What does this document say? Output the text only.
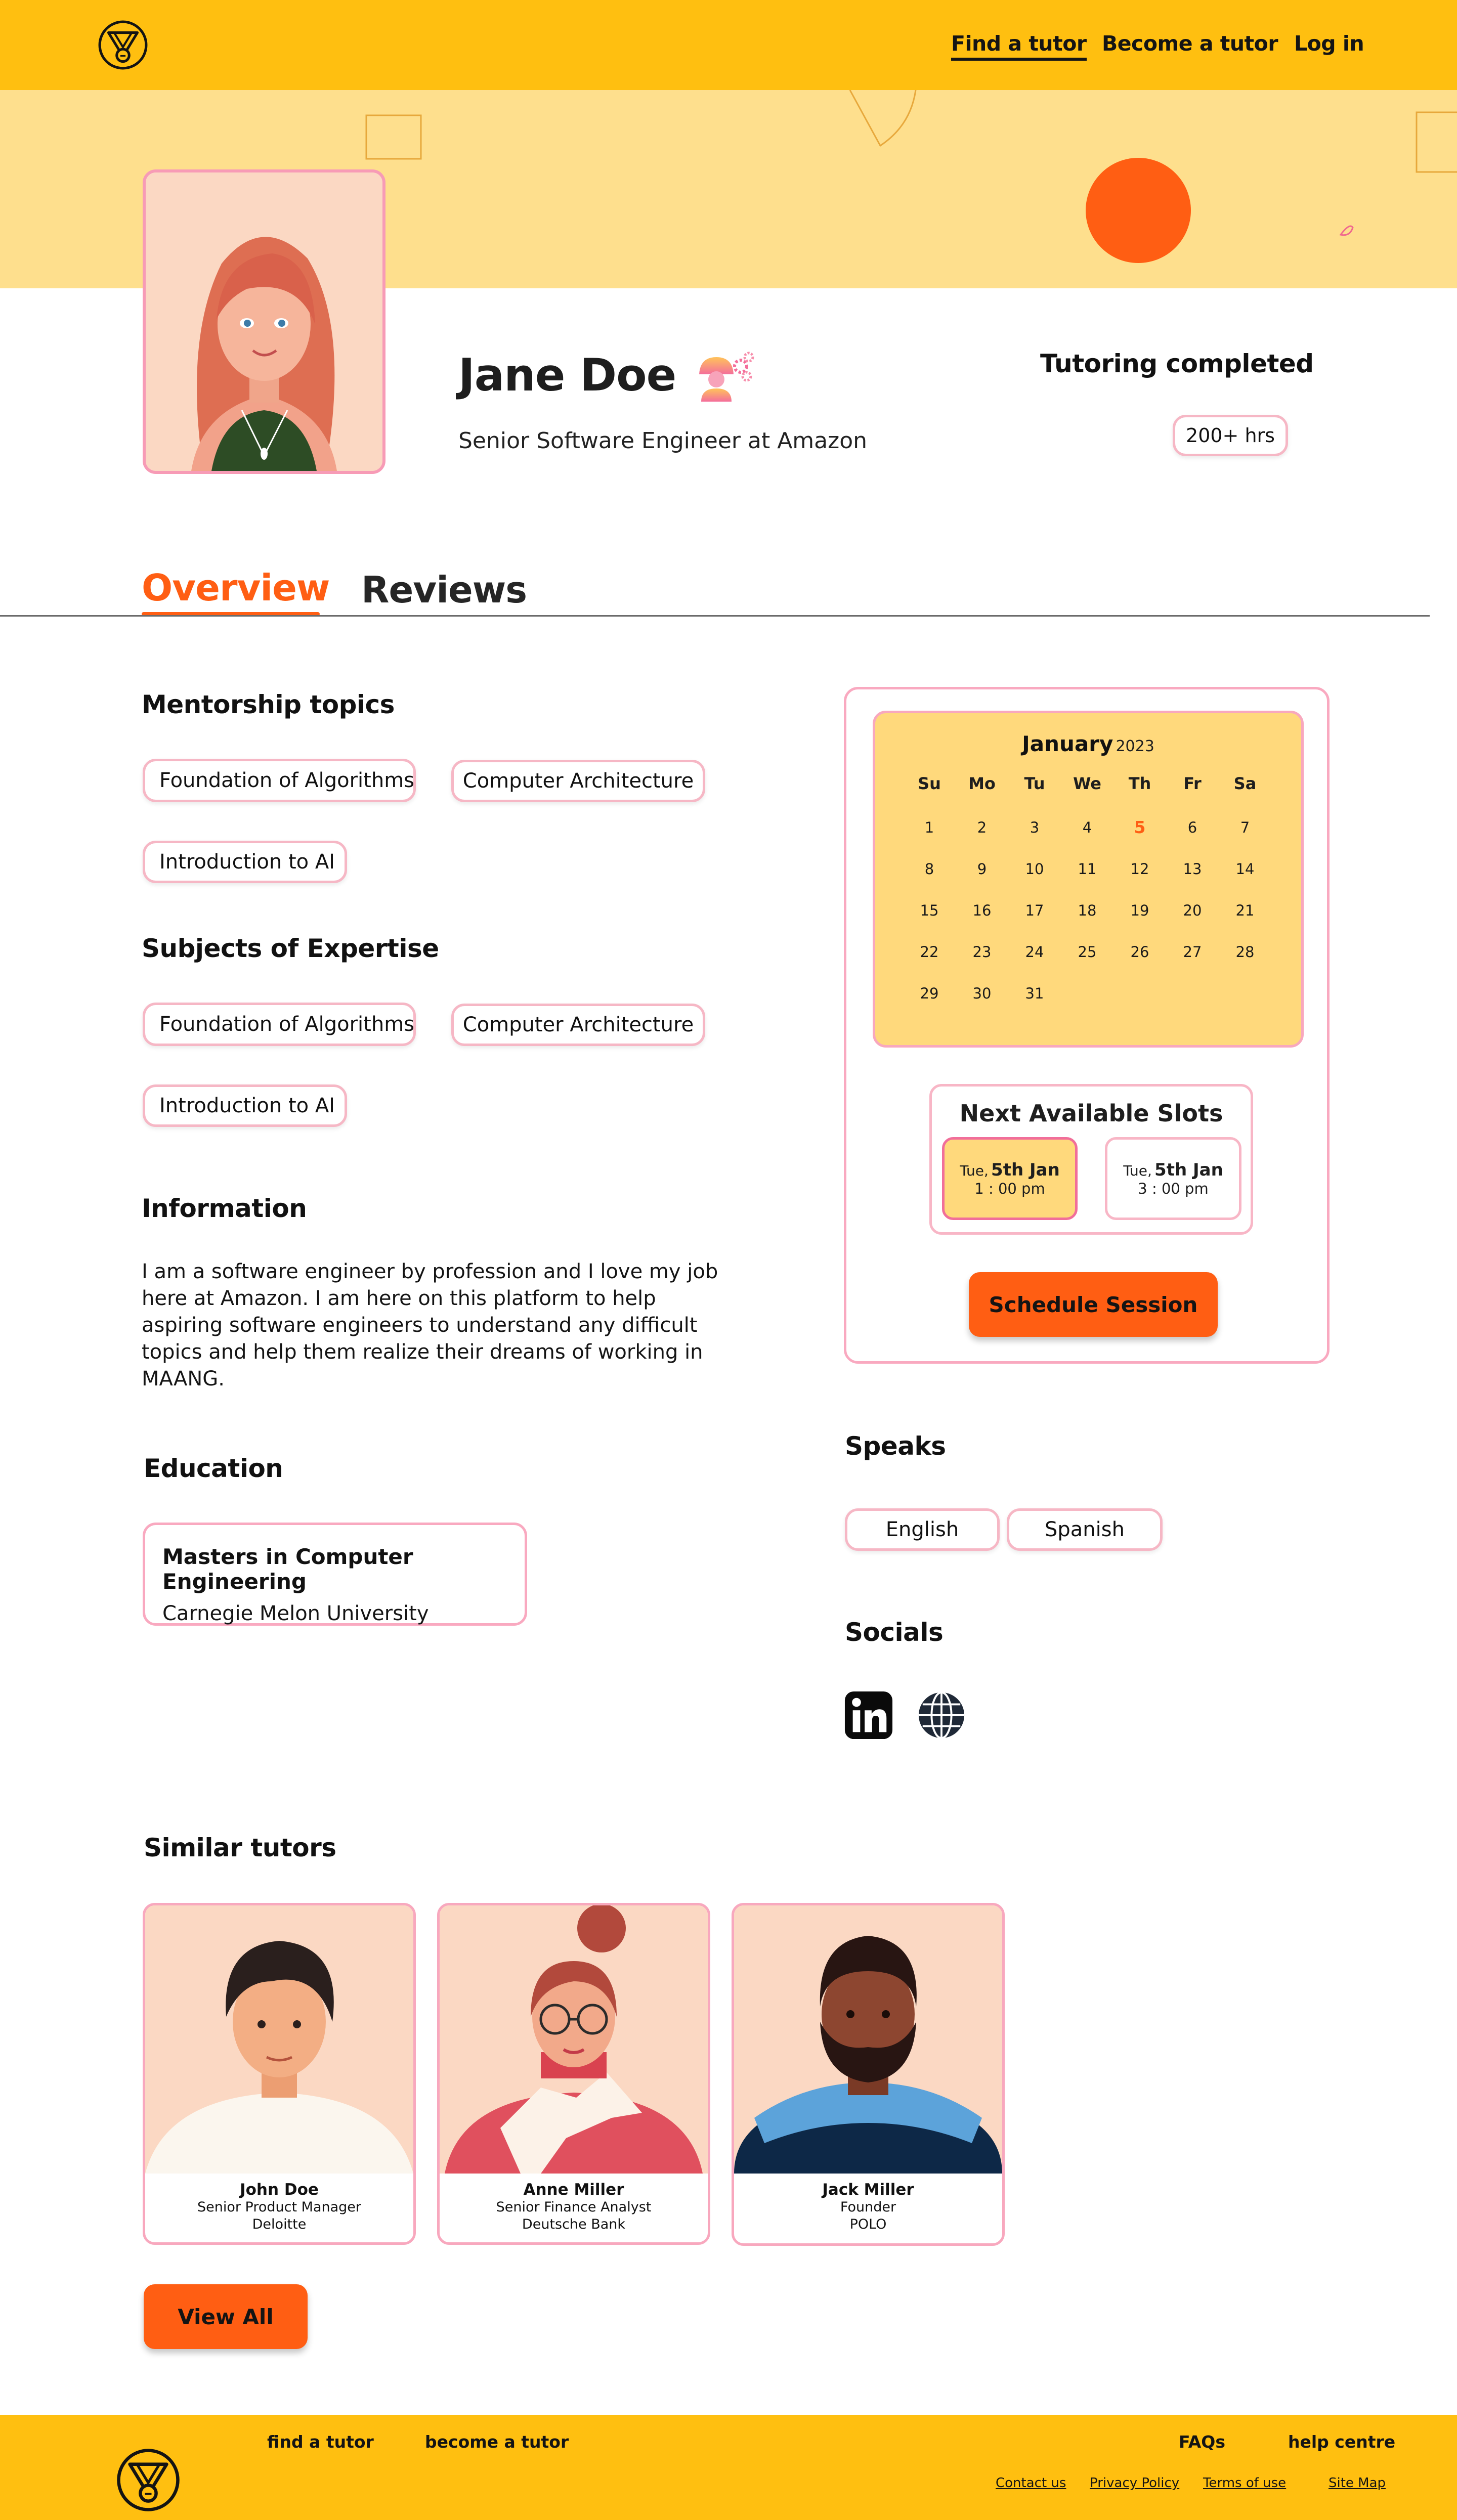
Find a tutor Become a tutor Log in
Jane Doe
Senior Software Engineer at Amazon
Tutoring completed
200+ hrs
Overview Reviews
Mentorship topics
Foundation of Algorithms	Computer Architecture
Introduction to AI
Subjects of Expertise
Foundation of Algorithms	Computer Architecture
Introduction to AI
Information
I am a software engineer by profession and I love my job here at Amazon. I am here on this platform to help aspiring software engineers to understand any difficult topics and help them realize their dreams of working in MAANG.
Education
Masters in Computer Engineering
Carnegie Melon University
January 2023
Su	Mo	Tu	We	Th	Fr	Sa
1	2	3	4	5	6	7
8	9	10	11	12	13	14
15	16	17	18	19	20	21
22	23	24	25	26	27	28
29	30	31
Next Available Slots
Tue, 5th Jan
1 : 00 pm
Tue, 5th Jan
3 : 00 pm
Schedule Session
Speaks
English	Spanish
Socials
Similar tutors
John Doe
Senior Product Manager
Deloitte
Anne Miller
Senior Finance Analyst
Deutsche Bank
Jack Miller
Founder
POLO
View All
find a tutor	become a tutor	FAQs	help centre
Contact us Privacy Policy Terms of use	Site Map
